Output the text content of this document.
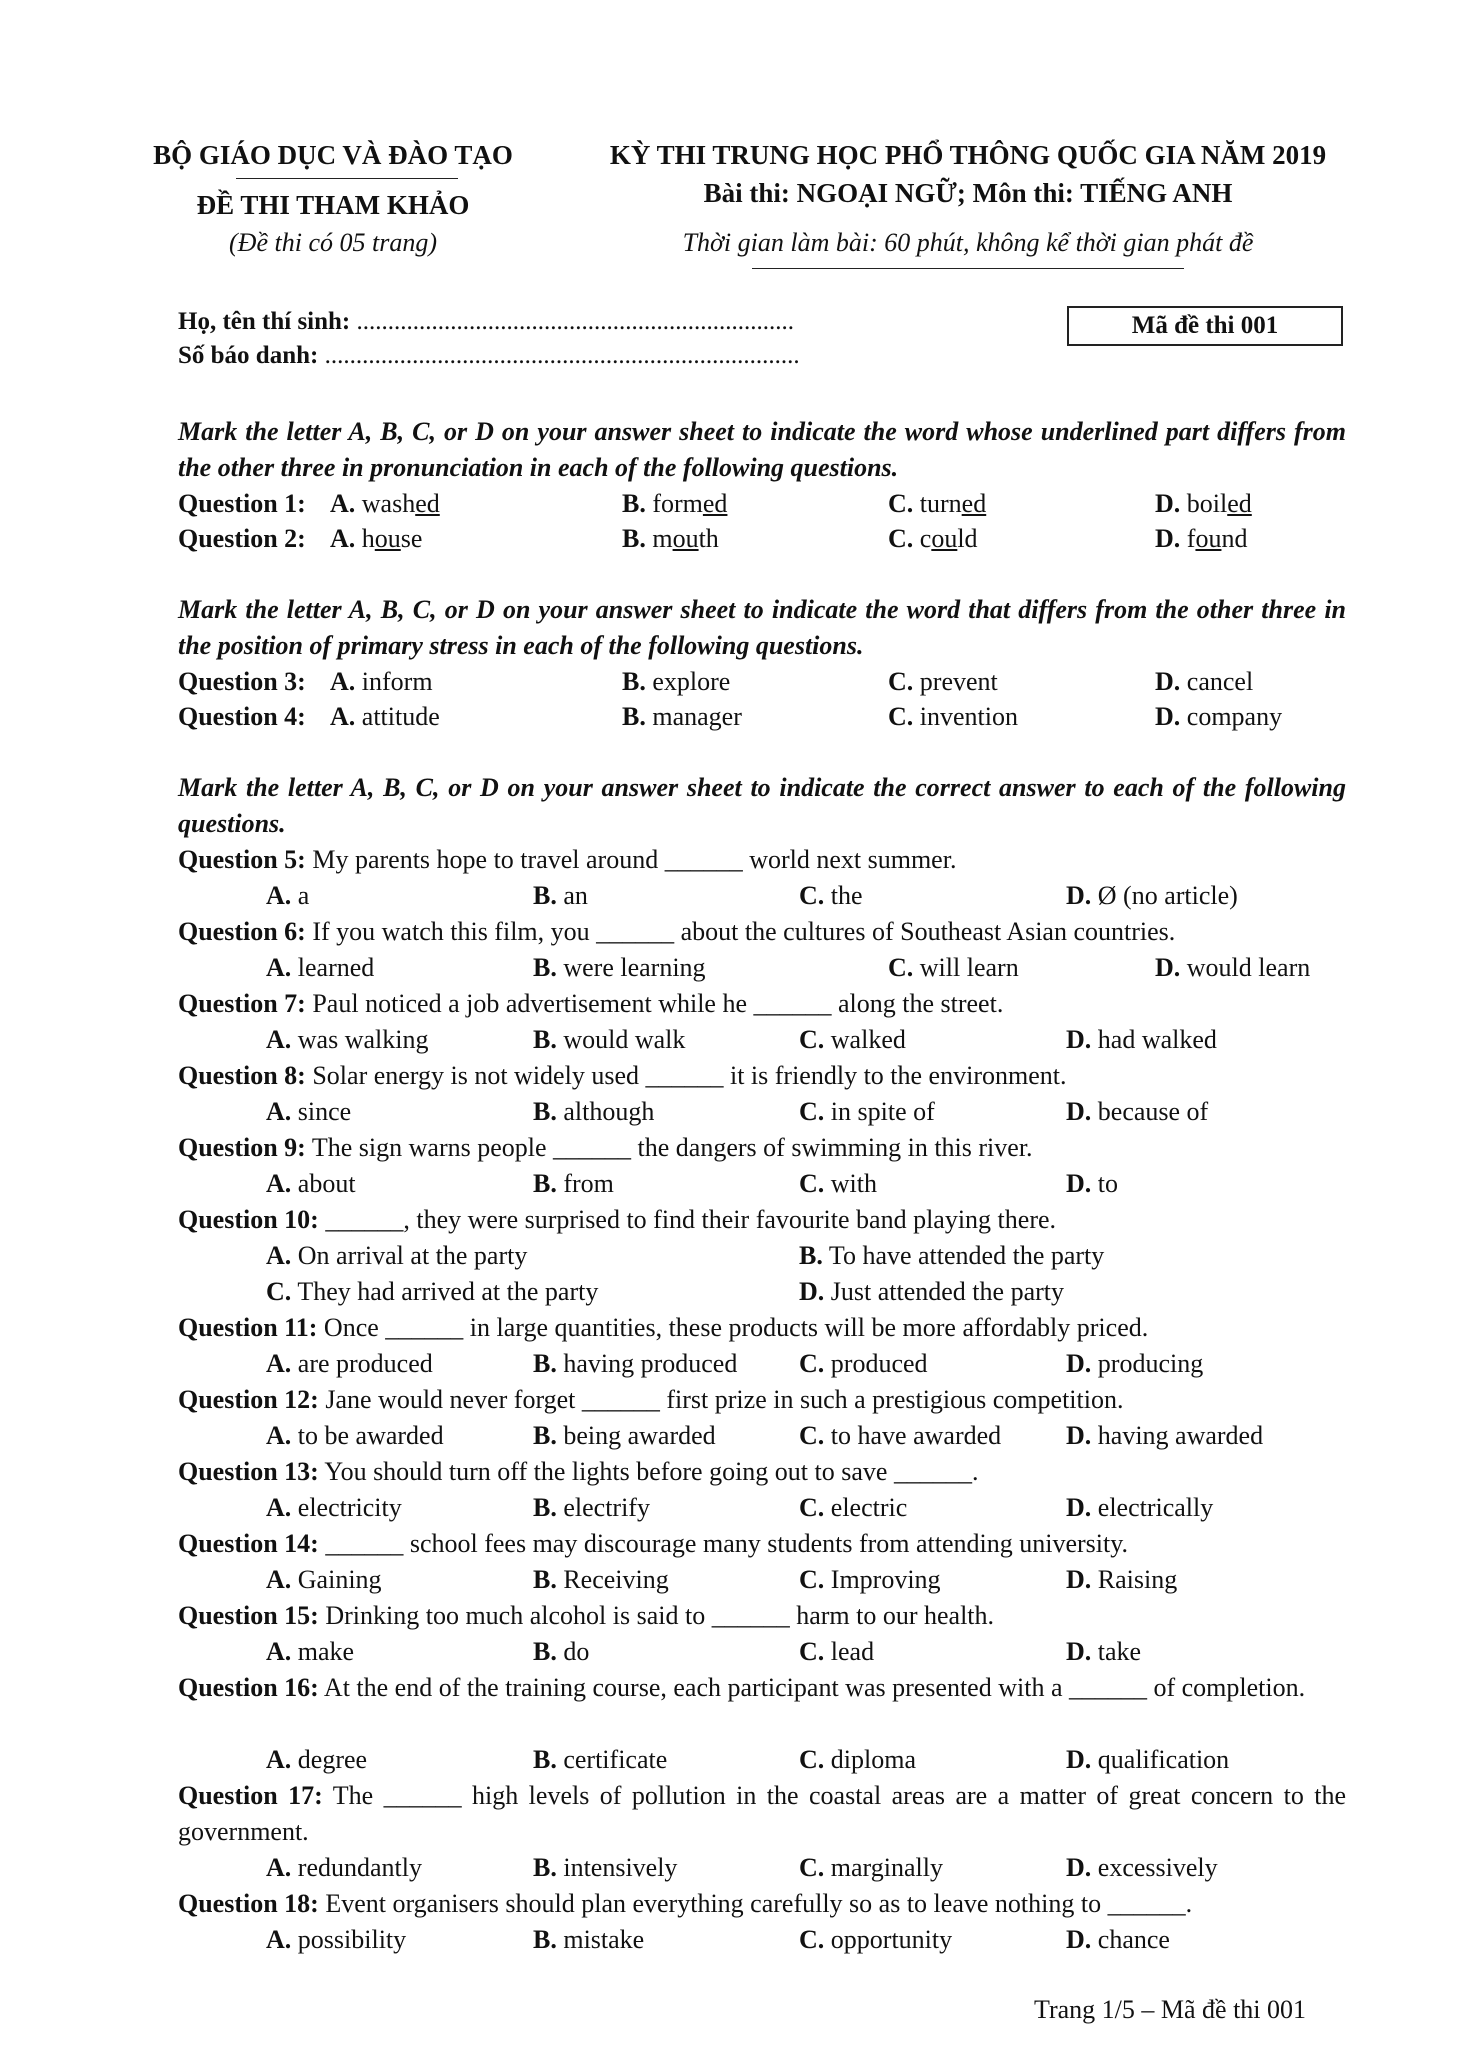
BỘ GIÁO DỤC VÀ ĐÀO TẠO
ĐỀ THI THAM KHẢO
(Đề thi có 05 trang)
KỲ THI TRUNG HỌC PHỔ THÔNG QUỐC GIA NĂM 2019
Bài thi: NGOẠI NGỮ; Môn thi: TIẾNG ANH
Thời gian làm bài: 60 phút, không kể thời gian phát đề
Họ, tên thí sinh: ......................................................................
Số báo danh: ............................................................................
Mã đề thi 001
Mark the letter A, B, C, or D on your answer sheet to indicate the word whose underlined part differs from the other three in pronunciation in each of the following questions.
Question 1: A. washed	B. formed	C. turned	D. boiled
Question 2: A. house	B. mouth	C. could	D. found
Mark the letter A, B, C, or D on your answer sheet to indicate the word that differs from the other three in the position of primary stress in each of the following questions.
Question 3: A. inform	B. explore	C. prevent	D. cancel
Question 4: A. attitude	B. manager	C. invention	D. company
Mark the letter A, B, C, or D on your answer sheet to indicate the correct answer to each of the following questions.
Question 5: My parents hope to travel around ______ world next summer.
A. a	B. an	C. the	D. Ø (no article)
Question 6: If you watch this film, you ______ about the cultures of Southeast Asian countries.
A. learned	B. were learning	C. will learn	D. would learn
Question 7: Paul noticed a job advertisement while he ______ along the street.
A. was walking	B. would walk	C. walked	D. had walked
Question 8: Solar energy is not widely used ______ it is friendly to the environment.
A. since	B. although	C. in spite of	D. because of
Question 9: The sign warns people ______ the dangers of swimming in this river.
A. about	B. from	C. with	D. to
Question 10: ______, they were surprised to find their favourite band playing there.
A. On arrival at the party	B. To have attended the party
C. They had arrived at the party	D. Just attended the party
Question 11: Once ______ in large quantities, these products will be more affordably priced.
A. are produced	B. having produced C. produced	D. producing
Question 12: Jane would never forget ______ first prize in such a prestigious competition.
A. to be awarded	B. being awarded	C. to have awarded D. having awarded
Question 13: You should turn off the lights before going out to save ______.
A. electricity	B. electrify	C. electric	D. electrically
Question 14: ______ school fees may discourage many students from attending university.
A. Gaining	B. Receiving	C. Improving	D. Raising
Question 15: Drinking too much alcohol is said to ______ harm to our health.
A. make	B. do	C. lead	D. take
Question 16: At the end of the training course, each participant was presented with a ______ of completion.
A. degree	B. certificate	C. diploma	D. qualification
Question 17: The ______ high levels of pollution in the coastal areas are a matter of great concern to the government.
A. redundantly	B. intensively	C. marginally	D. excessively
Question 18: Event organisers should plan everything carefully so as to leave nothing to ______.
A. possibility	B. mistake	C. opportunity	D. chance
Trang 1/5 – Mã đề thi 001
